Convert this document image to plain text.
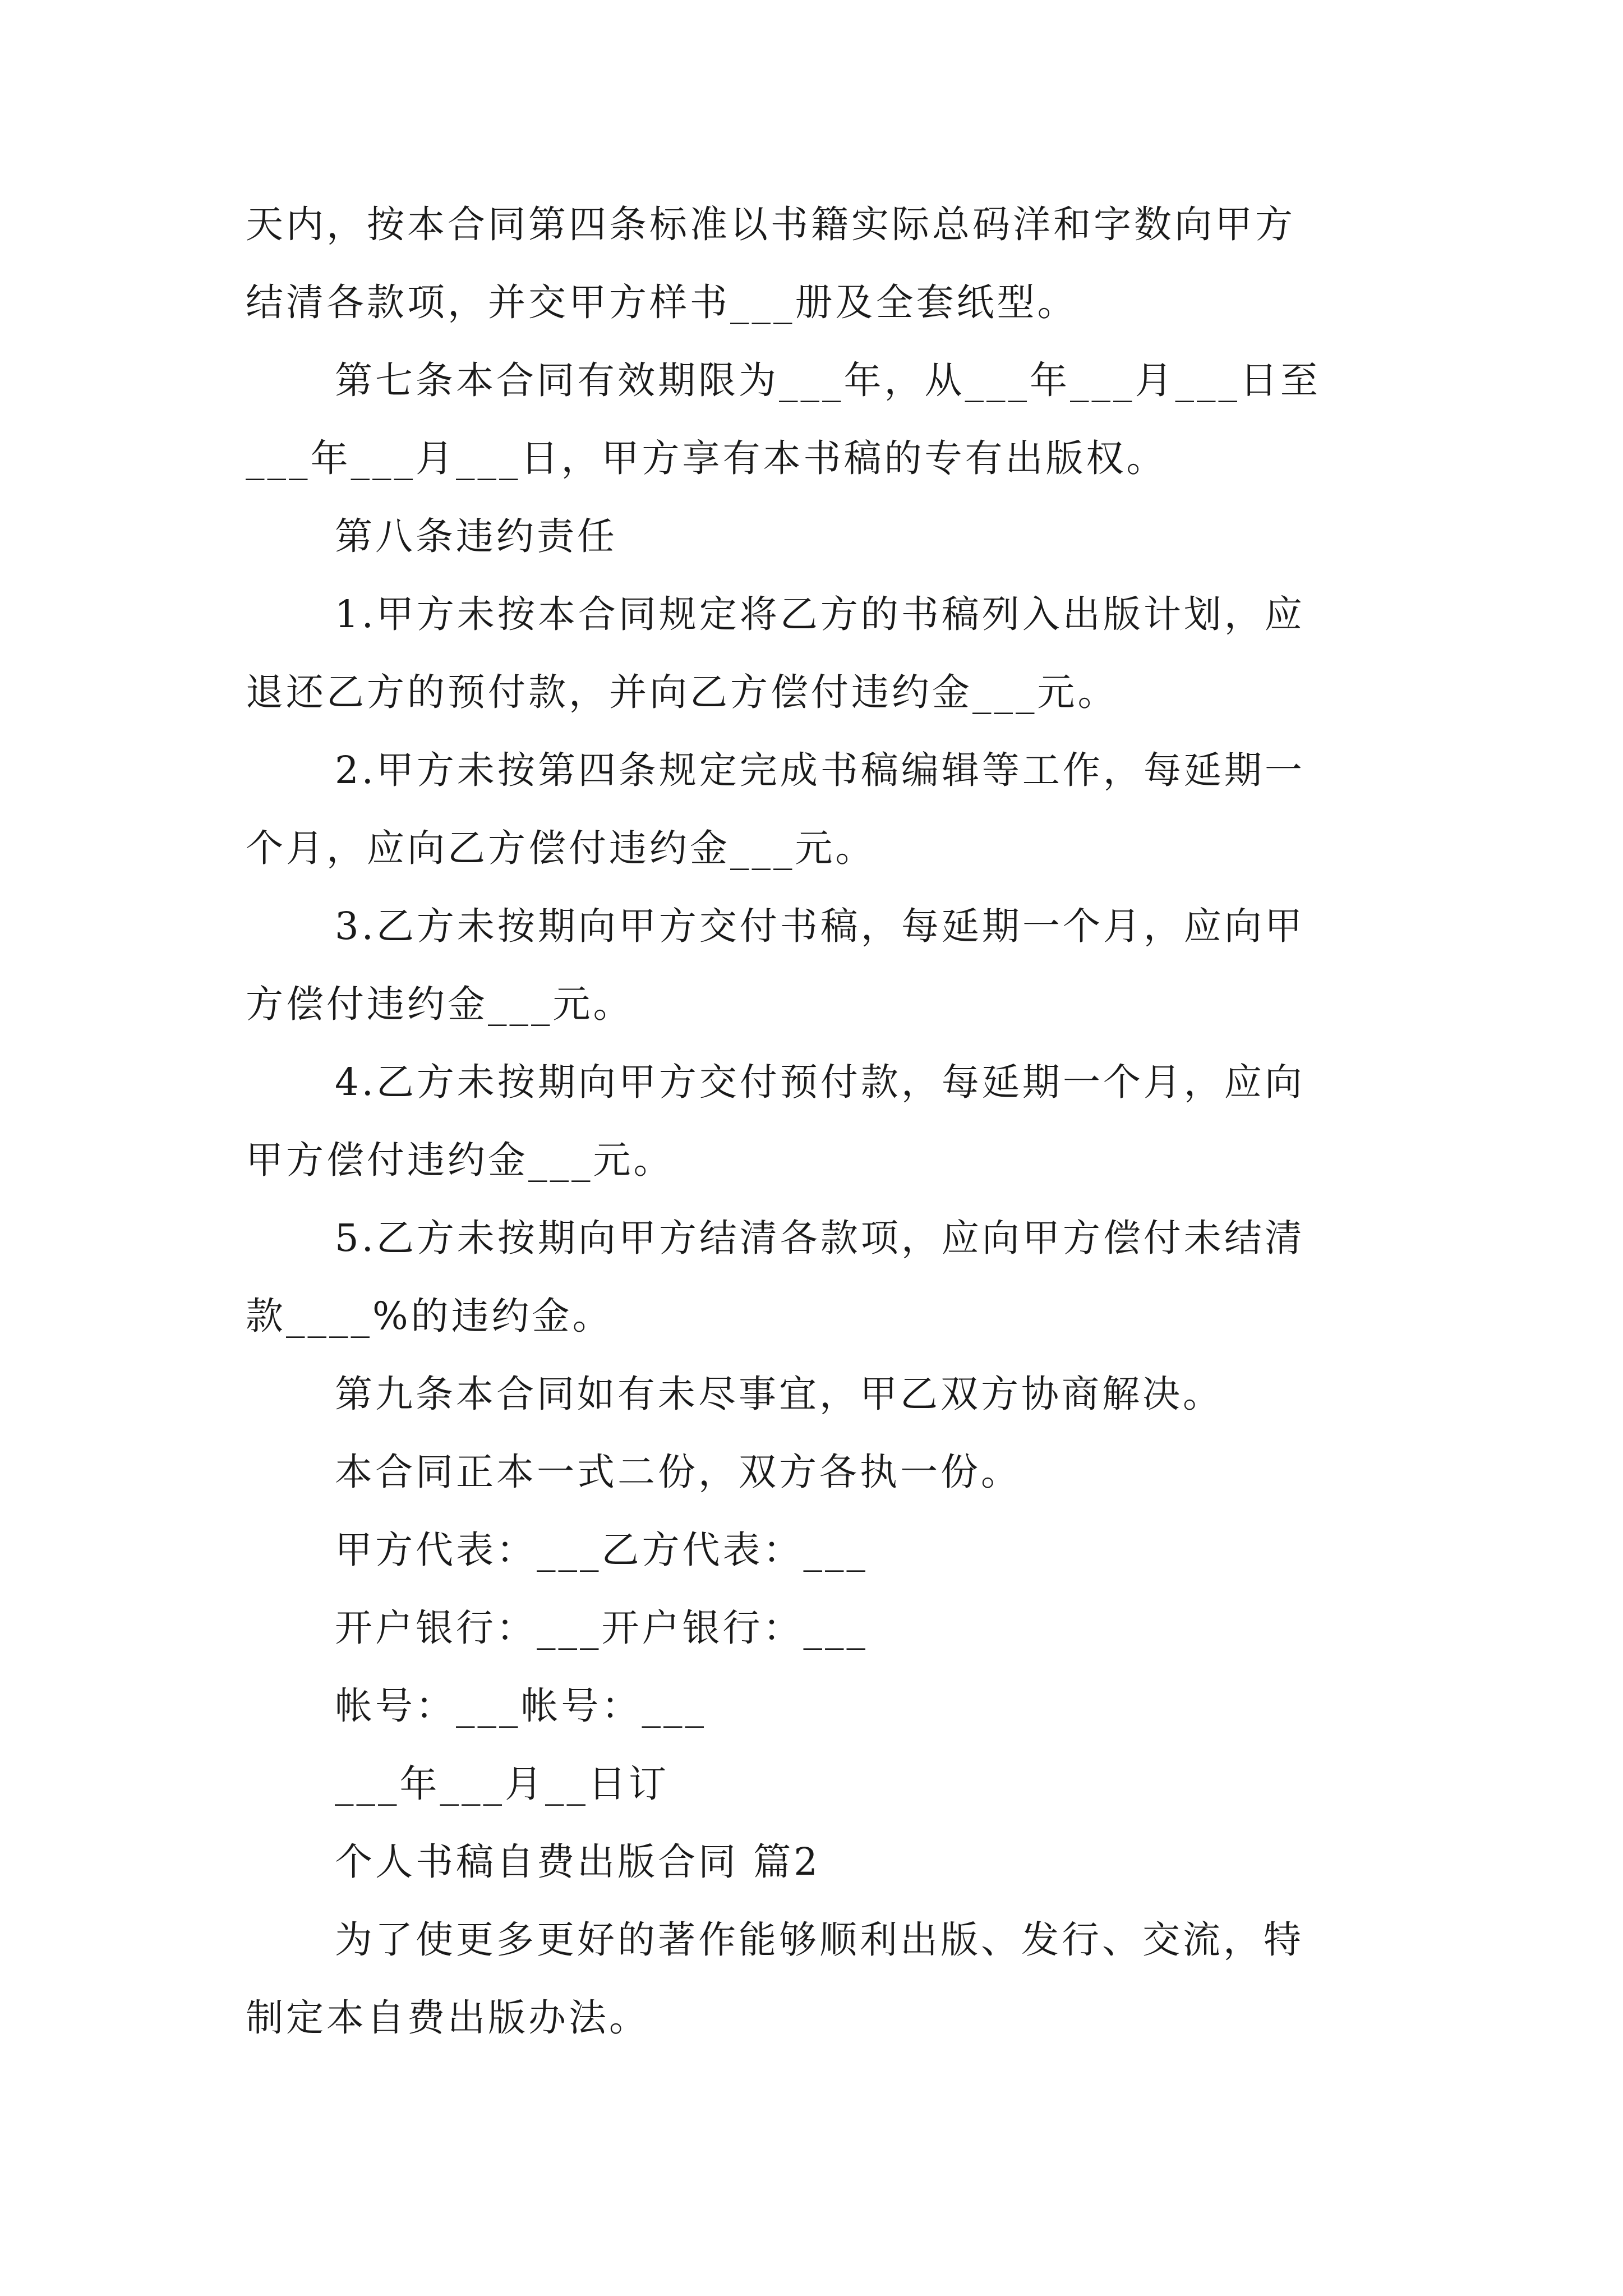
天内，按本合同第四条标准以书籍实际总码洋和字数向甲方
结清各款项，并交甲方样书___册及全套纸型。
第七条本合同有效期限为___年，从___年___月___日至
___年___月___日，甲方享有本书稿的专有出版权。
第八条违约责任
1.甲方未按本合同规定将乙方的书稿列入出版计划，应
退还乙方的预付款，并向乙方偿付违约金___元。
2.甲方未按第四条规定完成书稿编辑等工作，每延期一
个月，应向乙方偿付违约金___元。
3.乙方未按期向甲方交付书稿，每延期一个月，应向甲
方偿付违约金___元。
4.乙方未按期向甲方交付预付款，每延期一个月，应向
甲方偿付违约金___元。
5.乙方未按期向甲方结清各款项，应向甲方偿付未结清
款____%的违约金。
第九条本合同如有未尽事宜，甲乙双方协商解决。
本合同正本一式二份，双方各执一份。
甲方代表：___乙方代表：___
开户银行：___开户银行：___
帐号：___帐号：___
___年___月__日订
个人书稿自费出版合同 篇2
为了使更多更好的著作能够顺利出版、发行、交流，特
制定本自费出版办法。
